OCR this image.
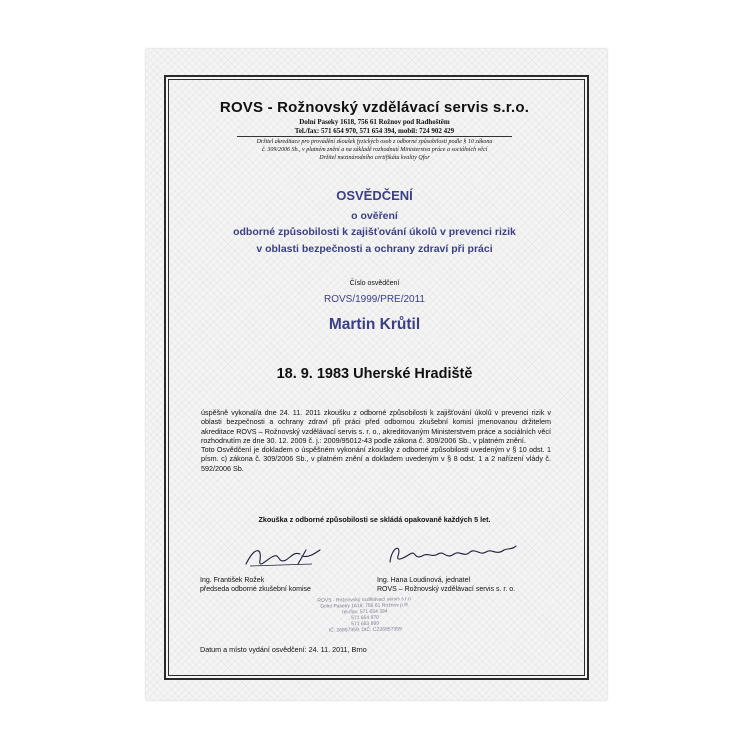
ROVS - Rožnovský vzdělávací servis s.r.o.
Dolní Paseky 1618, 756 61 Rožnov pod Radhoštěm
Tel./fax: 571 654 970, 571 654 394, mobil: 724 902 429
Držitel akreditace pro provádění zkoušek fyzických osob z odborné způsobilosti podle § 10 zákona
č. 309/2006 Sb., v platném znění a na základě rozhodnutí Ministerstva práce a sociálních věcí
Držitel mezinárodního certifikátu kvality Qfor
OSVĚDČENÍ
o ověření
odborné způsobilosti k zajišťování úkolů v prevenci rizik
v oblasti bezpečnosti a ochrany zdraví při práci
Číslo osvědčení
ROVS/1999/PRE/2011
Martin Krůtil
18. 9. 1983 Uherské Hradiště

úspěšně vykonal/a dne 24. 11. 2011 zkoušku z odborné způsobilosti k zajišťování úkolů v prevenci rizik v oblasti bezpečnosti a ochrany zdraví při práci před odbornou zkušební komisí jmenovanou držitelem akreditace ROVS – Rožnovský vzdělávací servis s. r. o., akreditovaným Ministerstvem práce a sociálních věcí rozhodnutím ze dne 30. 12. 2009 č. j.: 2009/95012-43 podle zákona č. 309/2006 Sb., v platném znění.

Toto Osvědčení je dokladem o úspěšném vykonání zkoušky z odborné způsobilosti uvedeným v § 10 odst. 1 písm. c) zákona č. 309/2006 Sb., v platném znění a dokladem uvedeným v § 8 odst. 1 a 2 nařízení vlády č. 592/2006 Sb.

Zkouška z odborné způsobilosti se skládá opakovaně každých 5 let.
Ing. František Rožek
předseda odborné zkušební komise
Ing. Hana Loudinová, jednatel
ROVS – Rožnovský vzdělávací servis s. r. o.
ROVS - Rožnovský vzdělávací servis s.r.o.
Dolní Paseky 1618, 756 61 Rožnov p.R.
tel./fax: 571 654 394
571 654 970
571 653 899
IČ: 26857359, DIČ: CZ26857359
Datum a místo vydání osvědčení: 24. 11. 2011, Brno
